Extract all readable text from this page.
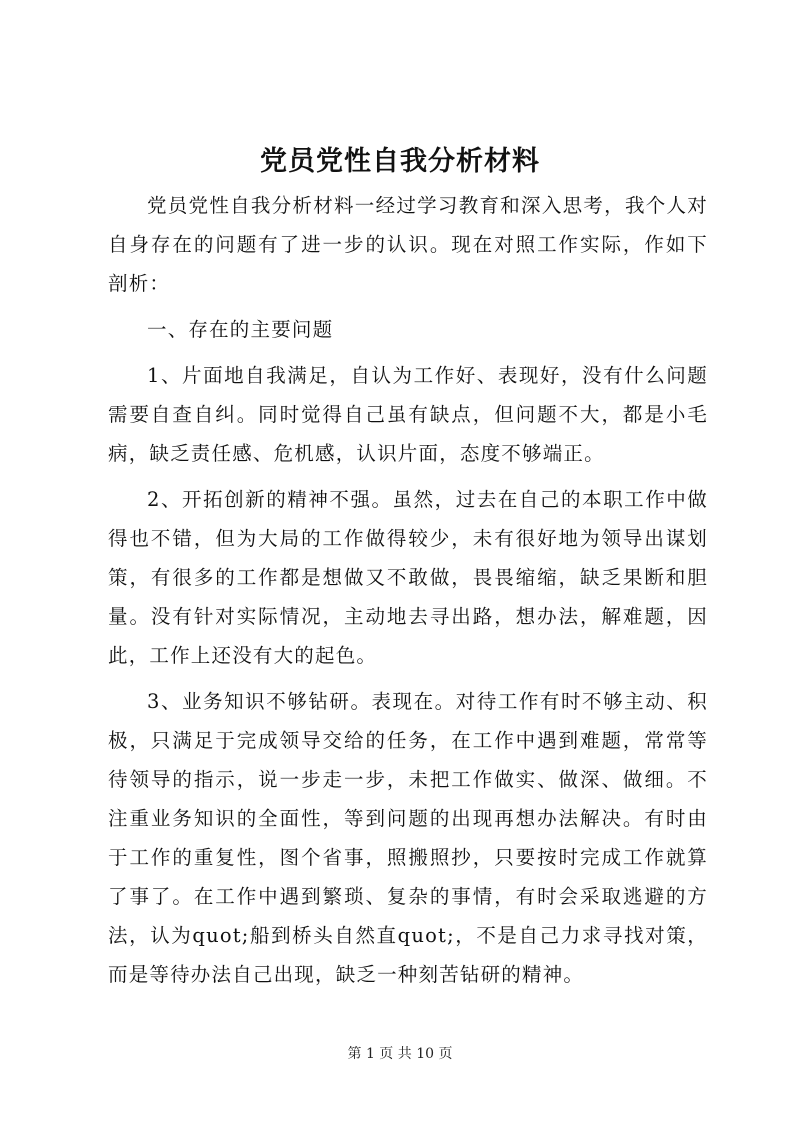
党员党性自我分析材料

党员党性自我分析材料一经过学习教育和深入思考，我个人对自身存在的问题有了进一步的认识。现在对照工作实际，作如下剖析：

一、存在的主要问题

1、片面地自我满足，自认为工作好、表现好，没有什么问题需要自查自纠。同时觉得自己虽有缺点，但问题不大，都是小毛病，缺乏责任感、危机感，认识片面，态度不够端正。

2、开拓创新的精神不强。虽然，过去在自己的本职工作中做得也不错，但为大局的工作做得较少，未有很好地为领导出谋划策，有很多的工作都是想做又不敢做，畏畏缩缩，缺乏果断和胆量。没有针对实际情况，主动地去寻出路，想办法，解难题，因此，工作上还没有大的起色。

3、业务知识不够钻研。表现在。对待工作有时不够主动、积极，只满足于完成领导交给的任务，在工作中遇到难题，常常等待领导的指示，说一步走一步，未把工作做实、做深、做细。不注重业务知识的全面性，等到问题的出现再想办法解决。有时由于工作的重复性，图个省事，照搬照抄，只要按时完成工作就算了事了。在工作中遇到繁琐、复杂的事情，有时会采取逃避的方法，认为quot;船到桥头自然直quot;，不是自己力求寻找对策，而是等待办法自己出现，缺乏一种刻苦钻研的精神。

第 1 页 共 10 页
